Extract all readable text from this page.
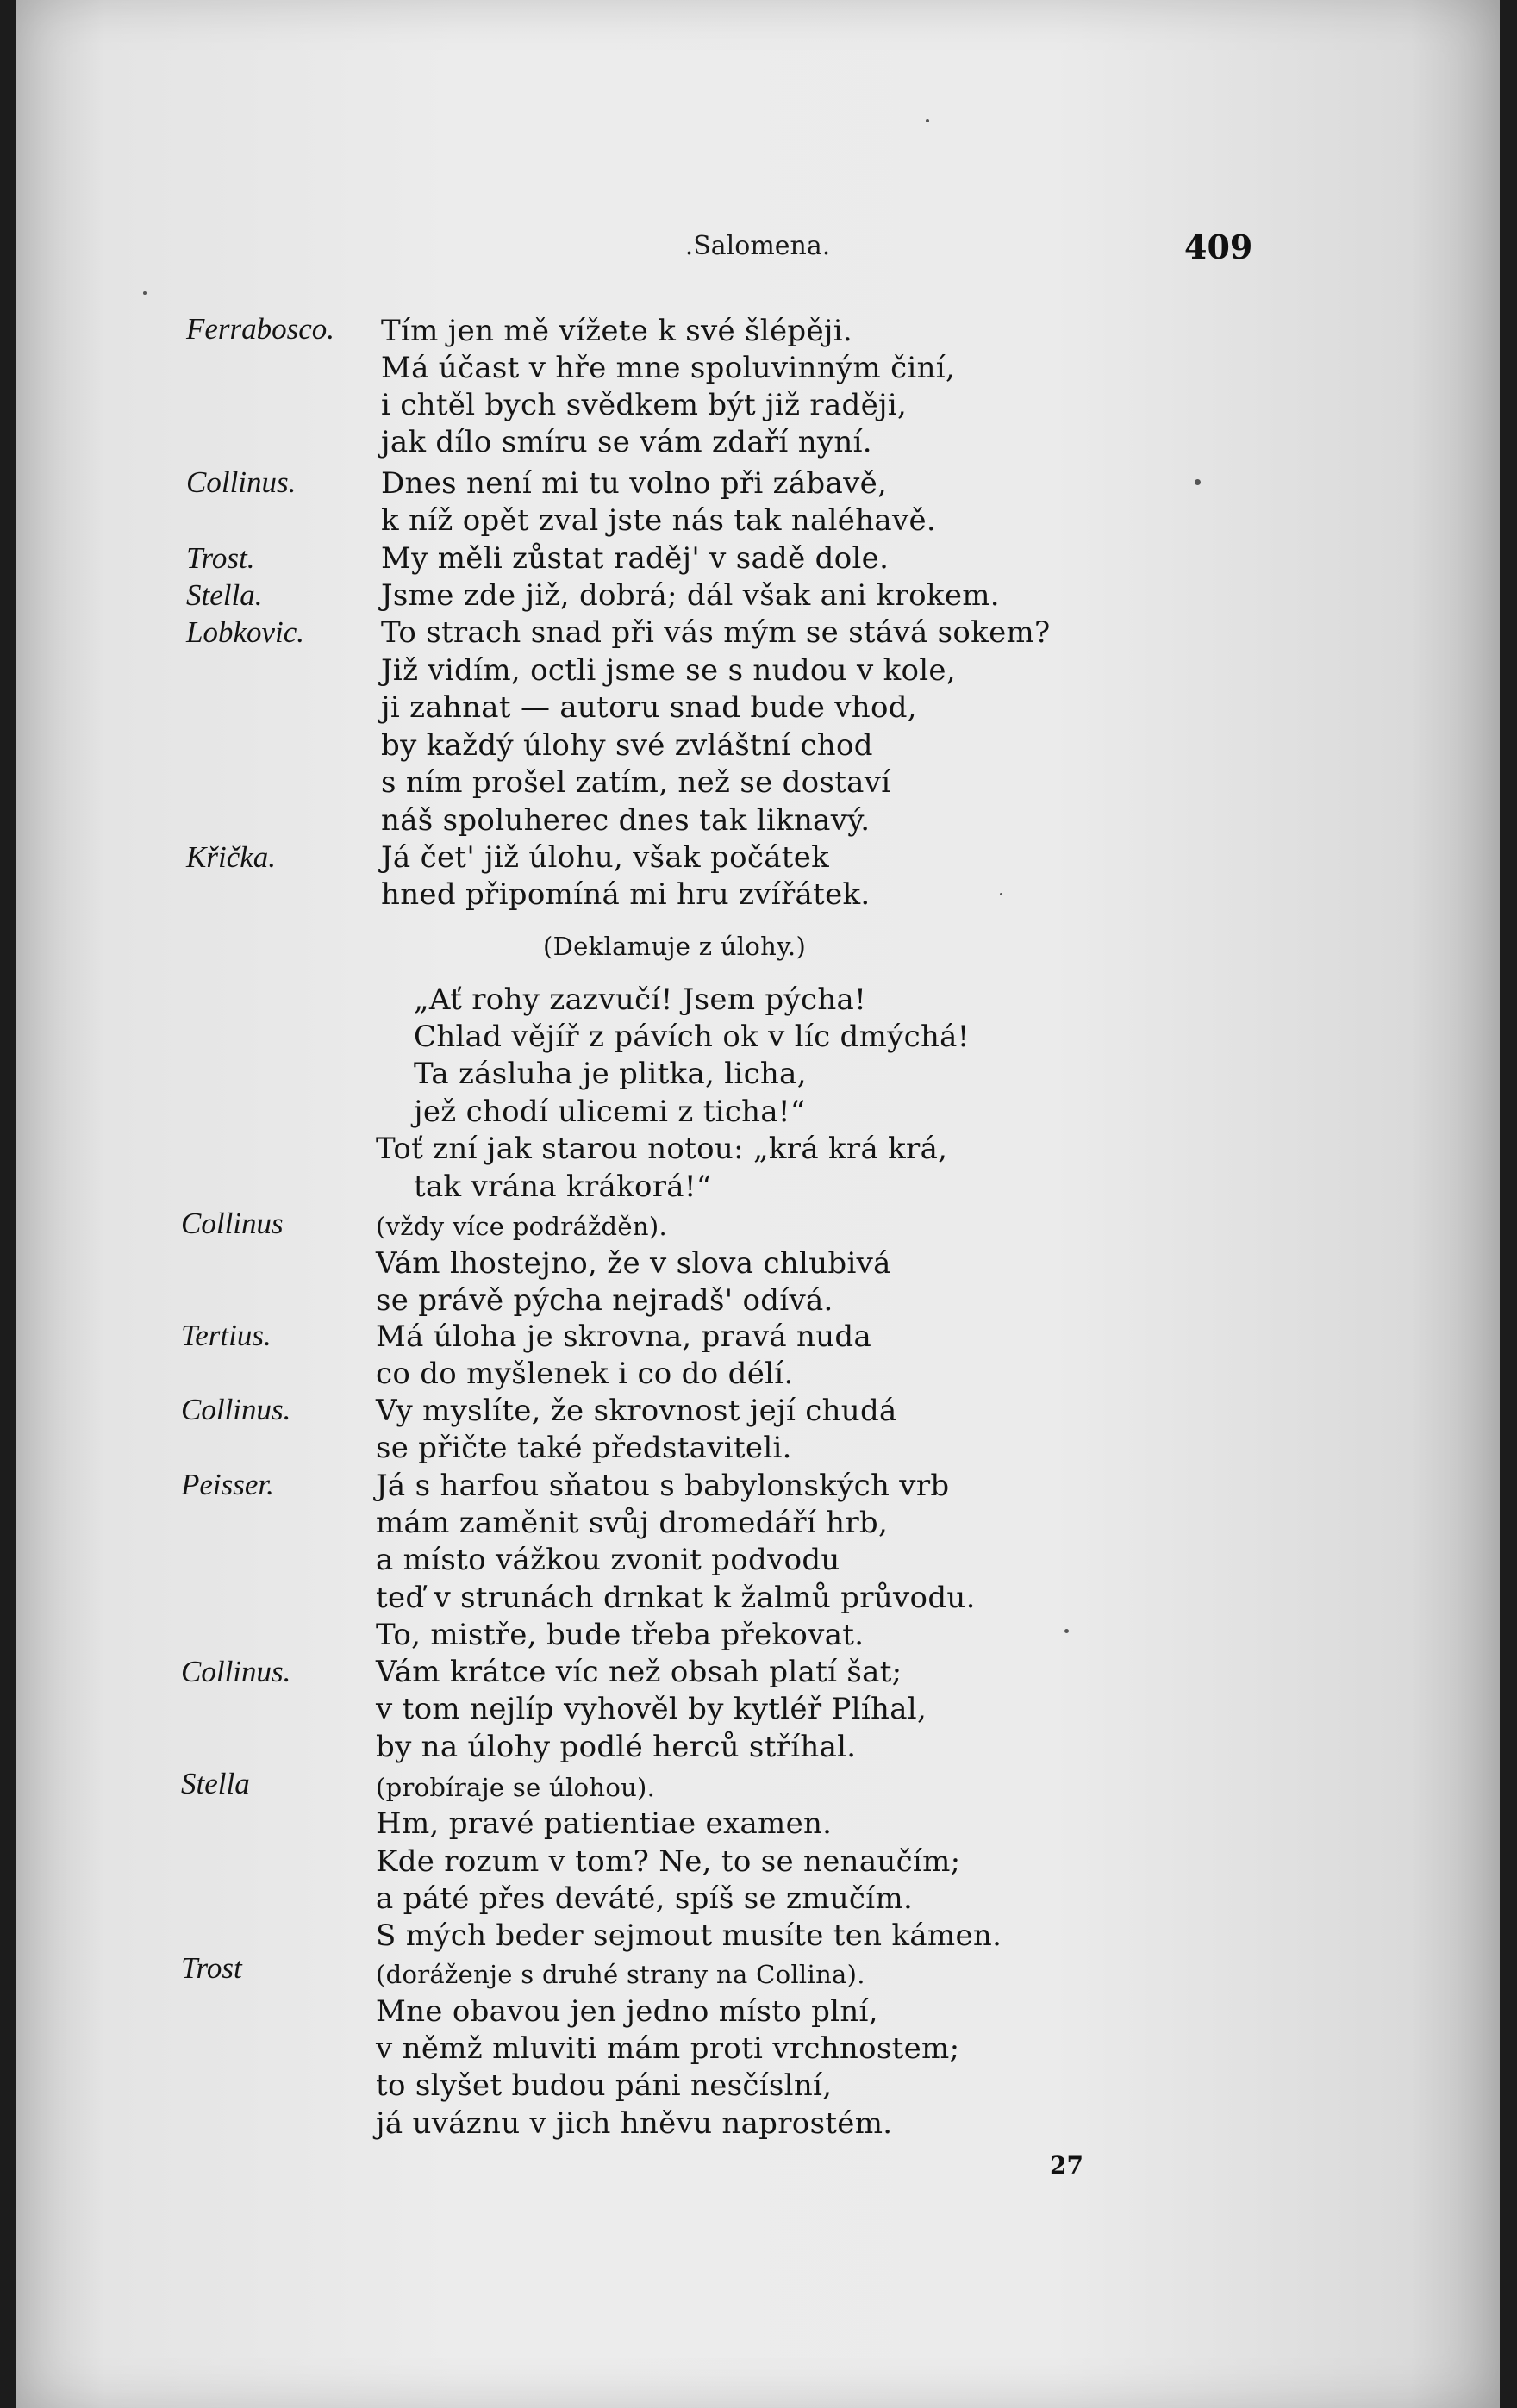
.Salomena.	409
Ferrabosco.
Collinus.
Trost.
Stella.
Lobkovic.
Křička.
Collinus
Tertius.
Collinus.
Peisser.
Collinus.
Stella
Trost
Tím jen mě vížete k své šlépěji.
Má účast v hře mne spoluvinným činí,
i chtěl bych svědkem být již raději,
jak dílo smíru se vám zdaří nyní.
Dnes není mi tu volno při zábavě,
k níž opět zval jste nás tak naléhavě.
My měli zůstat raděj' v sadě dole.
Jsme zde již, dobrá; dál však ani krokem.
To strach snad při vás mým se stává sokem?
Již vidím, octli jsme se s nudou v kole,
ji zahnat — autoru snad bude vhod,
by každý úlohy své zvláštní chod
s ním prošel zatím, než se dostaví
náš spoluherec dnes tak liknavý.
Já čet' již úlohu, však počátek
hned připomíná mi hru zvířátek.
(Deklamuje z úlohy.)
„Ať rohy zazvučí! Jsem pýcha!
Chlad vějíř z pávích ok v líc dmýchá!
Ta zásluha je plitka, licha,
jež chodí ulicemi z ticha!“
Toť zní jak starou notou: „krá krá krá,
tak vrána krákorá!“
(vždy více podrážděn).
Vám lhostejno, že v slova chlubivá
se právě pýcha nejradš' odívá.
Má úloha je skrovna, pravá nuda
co do myšlenek i co do délí.
Vy myslíte, že skrovnost její chudá
se přičte také představiteli.
Já s harfou sňatou s babylonských vrb
mám zaměnit svůj dromedáří hrb,
a místo vážkou zvonit podvodu
teď v strunách drnkat k žalmů průvodu.
To, mistře, bude třeba překovat.
Vám krátce víc než obsah platí šat;
v tom nejlíp vyhověl by kytléř Plíhal,
by na úlohy podlé herců stříhal.
(probíraje se úlohou).
Hm, pravé patientiae examen.
Kde rozum v tom? Ne, to se nenaučím;
a páté přes deváté, spíš se zmučím.
S mých beder sejmout musíte ten kámen.
(doráženje s druhé strany na Collina).
Mne obavou jen jedno místo plní,
v němž mluviti mám proti vrchnostem;
to slyšet budou páni nesčíslní,
já uváznu v jich hněvu naprostém.
27
